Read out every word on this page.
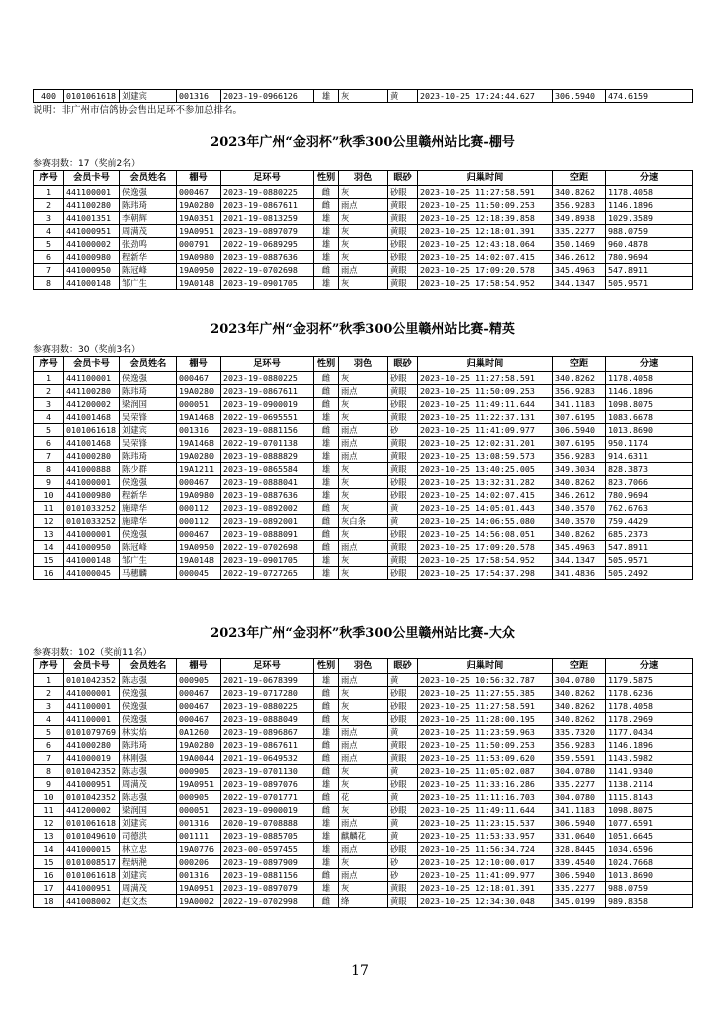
400	0101061618	刘建宾	001316	2023-19-0966126	雄	灰	黄	2023-10-25 17:24:44.627	306.5940	474.6159
说明：非广州市信鸽协会售出足环不参加总排名。
2023年广州“金羽杯”秋季300公里赣州站比赛-棚号
参赛羽数：17（奖前2名）
序号	会员卡号	会员姓名	棚号	足环号	性别	羽色	眼砂	归巢时间	空距	分速
1	441100001	侯逸强	000467	2023-19-0880225	雌	灰	砂眼	2023-10-25 11:27:58.591	340.8262	1178.4058
2	441100280	陈玮琦	19A0280	2023-19-0867611	雌	雨点	黄眼	2023-10-25 11:50:09.253	356.9283	1146.1896
3	441001351	李朝辉	19A0351	2021-19-0813259	雄	灰	黄眼	2023-10-25 12:18:39.858	349.8938	1029.3589
4	441000951	周满茂	19A0951	2023-19-0897079	雄	灰	黄眼	2023-10-25 12:18:01.391	335.2277	988.0759
5	441000002	张劲鸣	000791	2022-19-0689295	雄	灰	砂眼	2023-10-25 12:43:18.064	350.1469	960.4878
6	441000980	程新华	19A0980	2023-19-0887636	雄	灰	砂眼	2023-10-25 14:02:07.415	346.2612	780.9694
7	441000950	陈冠峰	19A0950	2022-19-0702698	雌	雨点	黄眼	2023-10-25 17:09:20.578	345.4963	547.8911
8	441000148	邹广生	19A0148	2023-19-0901705	雄	灰	黄眼	2023-10-25 17:58:54.952	344.1347	505.9571
2023年广州“金羽杯”秋季300公里赣州站比赛-精英
参赛羽数：30（奖前3名）
序号	会员卡号	会员姓名	棚号	足环号	性别	羽色	眼砂	归巢时间	空距	分速
1	441100001	侯逸强	000467	2023-19-0880225	雌	灰	砂眼	2023-10-25 11:27:58.591	340.8262	1178.4058
2	441100280	陈玮琦	19A0280	2023-19-0867611	雌	雨点	黄眼	2023-10-25 11:50:09.253	356.9283	1146.1896
3	441200002	梁润国	000051	2023-19-0900019	雌	灰	砂眼	2023-10-25 11:49:11.644	341.1183	1098.8075
4	441001468	吴荣锋	19A1468	2022-19-0695551	雄	灰	黄眼	2023-10-25 11:22:37.131	307.6195	1083.6678
5	0101061618	刘建宾	001316	2023-19-0881156	雌	雨点	砂	2023-10-25 11:41:09.977	306.5940	1013.8690
6	441001468	吴荣锋	19A1468	2022-19-0701138	雄	雨点	黄眼	2023-10-25 12:02:31.201	307.6195	950.1174
7	441000280	陈玮琦	19A0280	2023-19-0888829	雄	雨点	黄眼	2023-10-25 13:08:59.573	356.9283	914.6311
8	441000888	陈少群	19A1211	2023-19-0865584	雄	灰	黄眼	2023-10-25 13:40:25.005	349.3034	828.3873
9	441000001	侯逸强	000467	2023-19-0888041	雄	灰	砂眼	2023-10-25 13:32:31.282	340.8262	823.7066
10	441000980	程新华	19A0980	2023-19-0887636	雄	灰	砂眼	2023-10-25 14:02:07.415	346.2612	780.9694
11	0101033252	施瑋华	000112	2023-19-0892002	雌	灰	黄	2023-10-25 14:05:01.443	340.3570	762.6763
12	0101033252	施瑋华	000112	2023-19-0892001	雌	灰白条	黄	2023-10-25 14:06:55.080	340.3570	759.4429
13	441000001	侯逸强	000467	2023-19-0888091	雌	灰	砂眼	2023-10-25 14:56:08.051	340.8262	685.2373
14	441000950	陈冠峰	19A0950	2022-19-0702698	雌	雨点	黄眼	2023-10-25 17:09:20.578	345.4963	547.8911
15	441000148	邹广生	19A0148	2023-19-0901705	雄	灰	黄眼	2023-10-25 17:58:54.952	344.1347	505.9571
16	441000045	马穗麟	000045	2022-19-0727265	雄	灰	砂眼	2023-10-25 17:54:37.298	341.4836	505.2492
2023年广州“金羽杯”秋季300公里赣州站比赛-大众
参赛羽数：102（奖前11名）
序号	会员卡号	会员姓名	棚号	足环号	性别	羽色	眼砂	归巢时间	空距	分速
1	0101042352	陈志强	000905	2021-19-0678399	雄	雨点	黄	2023-10-25 10:56:32.787	304.0780	1179.5875
2	441000001	侯逸强	000467	2023-19-0717280	雌	灰	砂眼	2023-10-25 11:27:55.385	340.8262	1178.6236
3	441100001	侯逸强	000467	2023-19-0880225	雌	灰	砂眼	2023-10-25 11:27:58.591	340.8262	1178.4058
4	441100001	侯逸强	000467	2023-19-0888049	雌	灰	砂眼	2023-10-25 11:28:00.195	340.8262	1178.2969
5	0101079769	林实焰	0A1260	2023-19-0896867	雄	雨点	黄	2023-10-25 11:23:59.963	335.7320	1177.0434
6	441000280	陈玮琦	19A0280	2023-19-0867611	雌	雨点	黄眼	2023-10-25 11:50:09.253	356.9283	1146.1896
7	441000019	林刚强	19A0044	2021-19-0649532	雌	雨点	黄眼	2023-10-25 11:53:09.620	359.5591	1143.5982
8	0101042352	陈志强	000905	2023-19-0701130	雌	灰	黄	2023-10-25 11:05:02.087	304.0780	1141.9340
9	441000951	周满茂	19A0951	2023-19-0897076	雄	灰	砂眼	2023-10-25 11:33:16.286	335.2277	1138.2114
10	0101042352	陈志强	000905	2022-19-0701771	雌	花	黄	2023-10-25 11:11:16.703	304.0780	1115.8143
11	441200002	梁润国	000051	2023-19-0900019	雌	灰	砂眼	2023-10-25 11:49:11.644	341.1183	1098.8075
12	0101061618	刘建宾	001316	2020-19-0708888	雄	雨点	黄	2023-10-25 11:23:15.537	306.5940	1077.6591
13	0101049610	司德洪	001111	2023-19-0885705	雄	麒麟花	黄	2023-10-25 11:53:33.957	331.0640	1051.6645
14	441000015	林立忠	19A0776	2023-00-0597455	雄	雨点	砂眼	2023-10-25 11:56:34.724	328.8445	1034.6596
15	0101008517	程炳滟	000206	2023-19-0897909	雄	灰	砂	2023-10-25 12:10:00.017	339.4540	1024.7668
16	0101061618	刘建宾	001316	2023-19-0881156	雌	雨点	砂	2023-10-25 11:41:09.977	306.5940	1013.8690
17	441000951	周满茂	19A0951	2023-19-0897079	雄	灰	黄眼	2023-10-25 12:18:01.391	335.2277	988.0759
18	441008002	赵文杰	19A0002	2022-19-0702998	雌	绛	黄眼	2023-10-25 12:34:30.048	345.0199	989.8358
17
